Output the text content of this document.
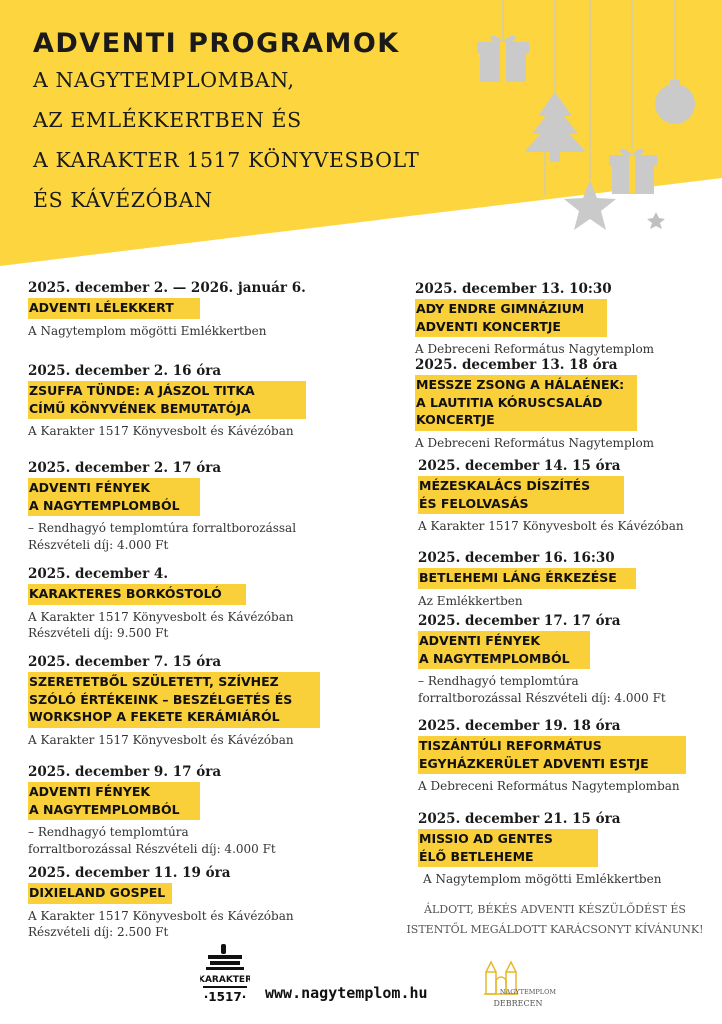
ADVENTI PROGRAMOK
A NAGYTEMPLOMBAN,
AZ EMLÉKKERTBEN ÉS
A KARAKTER 1517 KÖNYVESBOLT
ÉS KÁVÉZÓBAN
2025. december 2. — 2026. január 6.
ADVENTI LÉLEKKERT
A Nagytemplom mögötti Emlékkertben
2025. december 2. 16 óra
ZSUFFA TÜNDE: A JÁSZOL TITKA
CÍMŰ KÖNYVÉNEK BEMUTATÓJA
A Karakter 1517 Könyvesbolt és Kávézóban
2025. december 2. 17 óra
ADVENTI FÉNYEK
A NAGYTEMPLOMBÓL
– Rendhagyó templomtúra forraltborozással
Részvételi díj: 4.000 Ft
2025. december 4.
KARAKTERES BORKÓSTOLÓ
A Karakter 1517 Könyvesbolt és Kávézóban
Részvételi díj: 9.500 Ft
2025. december 7. 15 óra
SZERETETBŐL SZÜLETETT, SZÍVHEZ
SZÓLÓ ÉRTÉKEINK – BESZÉLGETÉS ÉS
WORKSHOP A FEKETE KERÁMIÁRÓL
A Karakter 1517 Könyvesbolt és Kávézóban
2025. december 9. 17 óra
ADVENTI FÉNYEK
A NAGYTEMPLOMBÓL
– Rendhagyó templomtúra
forraltborozással Részvételi díj: 4.000 Ft
2025. december 11. 19 óra
DIXIELAND GOSPEL
A Karakter 1517 Könyvesbolt és Kávézóban
Részvételi díj: 2.500 Ft
2025. december 13. 10:30
ADY ENDRE GIMNÁZIUM
ADVENTI KONCERTJE
A Debreceni Református Nagytemplom
2025. december 13. 18 óra
MESSZE ZSONG A HÁLAÉNEK:
A LAUTITIA KÓRUSCSALÁD
KONCERTJE
A Debreceni Református Nagytemplom
2025. december 14. 15 óra
MÉZESKALÁCS DÍSZÍTÉS
ÉS FELOLVASÁS
A Karakter 1517 Könyvesbolt és Kávézóban
2025. december 16. 16:30
BETLEHEMI LÁNG ÉRKEZÉSE
Az Emlékkertben
2025. december 17. 17 óra
ADVENTI FÉNYEK
A NAGYTEMPLOMBÓL
– Rendhagyó templomtúra
forraltborozással Részvételi díj: 4.000 Ft
2025. december 19. 18 óra
TISZÁNTÚLI REFORMÁTUS
EGYHÁZKERÜLET ADVENTI ESTJE
A Debreceni Református Nagytemplomban
2025. december 21. 15 óra
MISSIO AD GENTES
ÉLŐ BETLEHEME
A Nagytemplom mögötti Emlékkertben
ÁLDOTT, BÉKÉS ADVENTI KÉSZÜLŐDÉST ÉS
ISTENTŐL MEGÁLDOTT KARÁCSONYT KÍVÁNUNK!
KARAKTER
·1517· www.nagytemplom.hu	NAGYTEMPLOM
DEBRECEN
